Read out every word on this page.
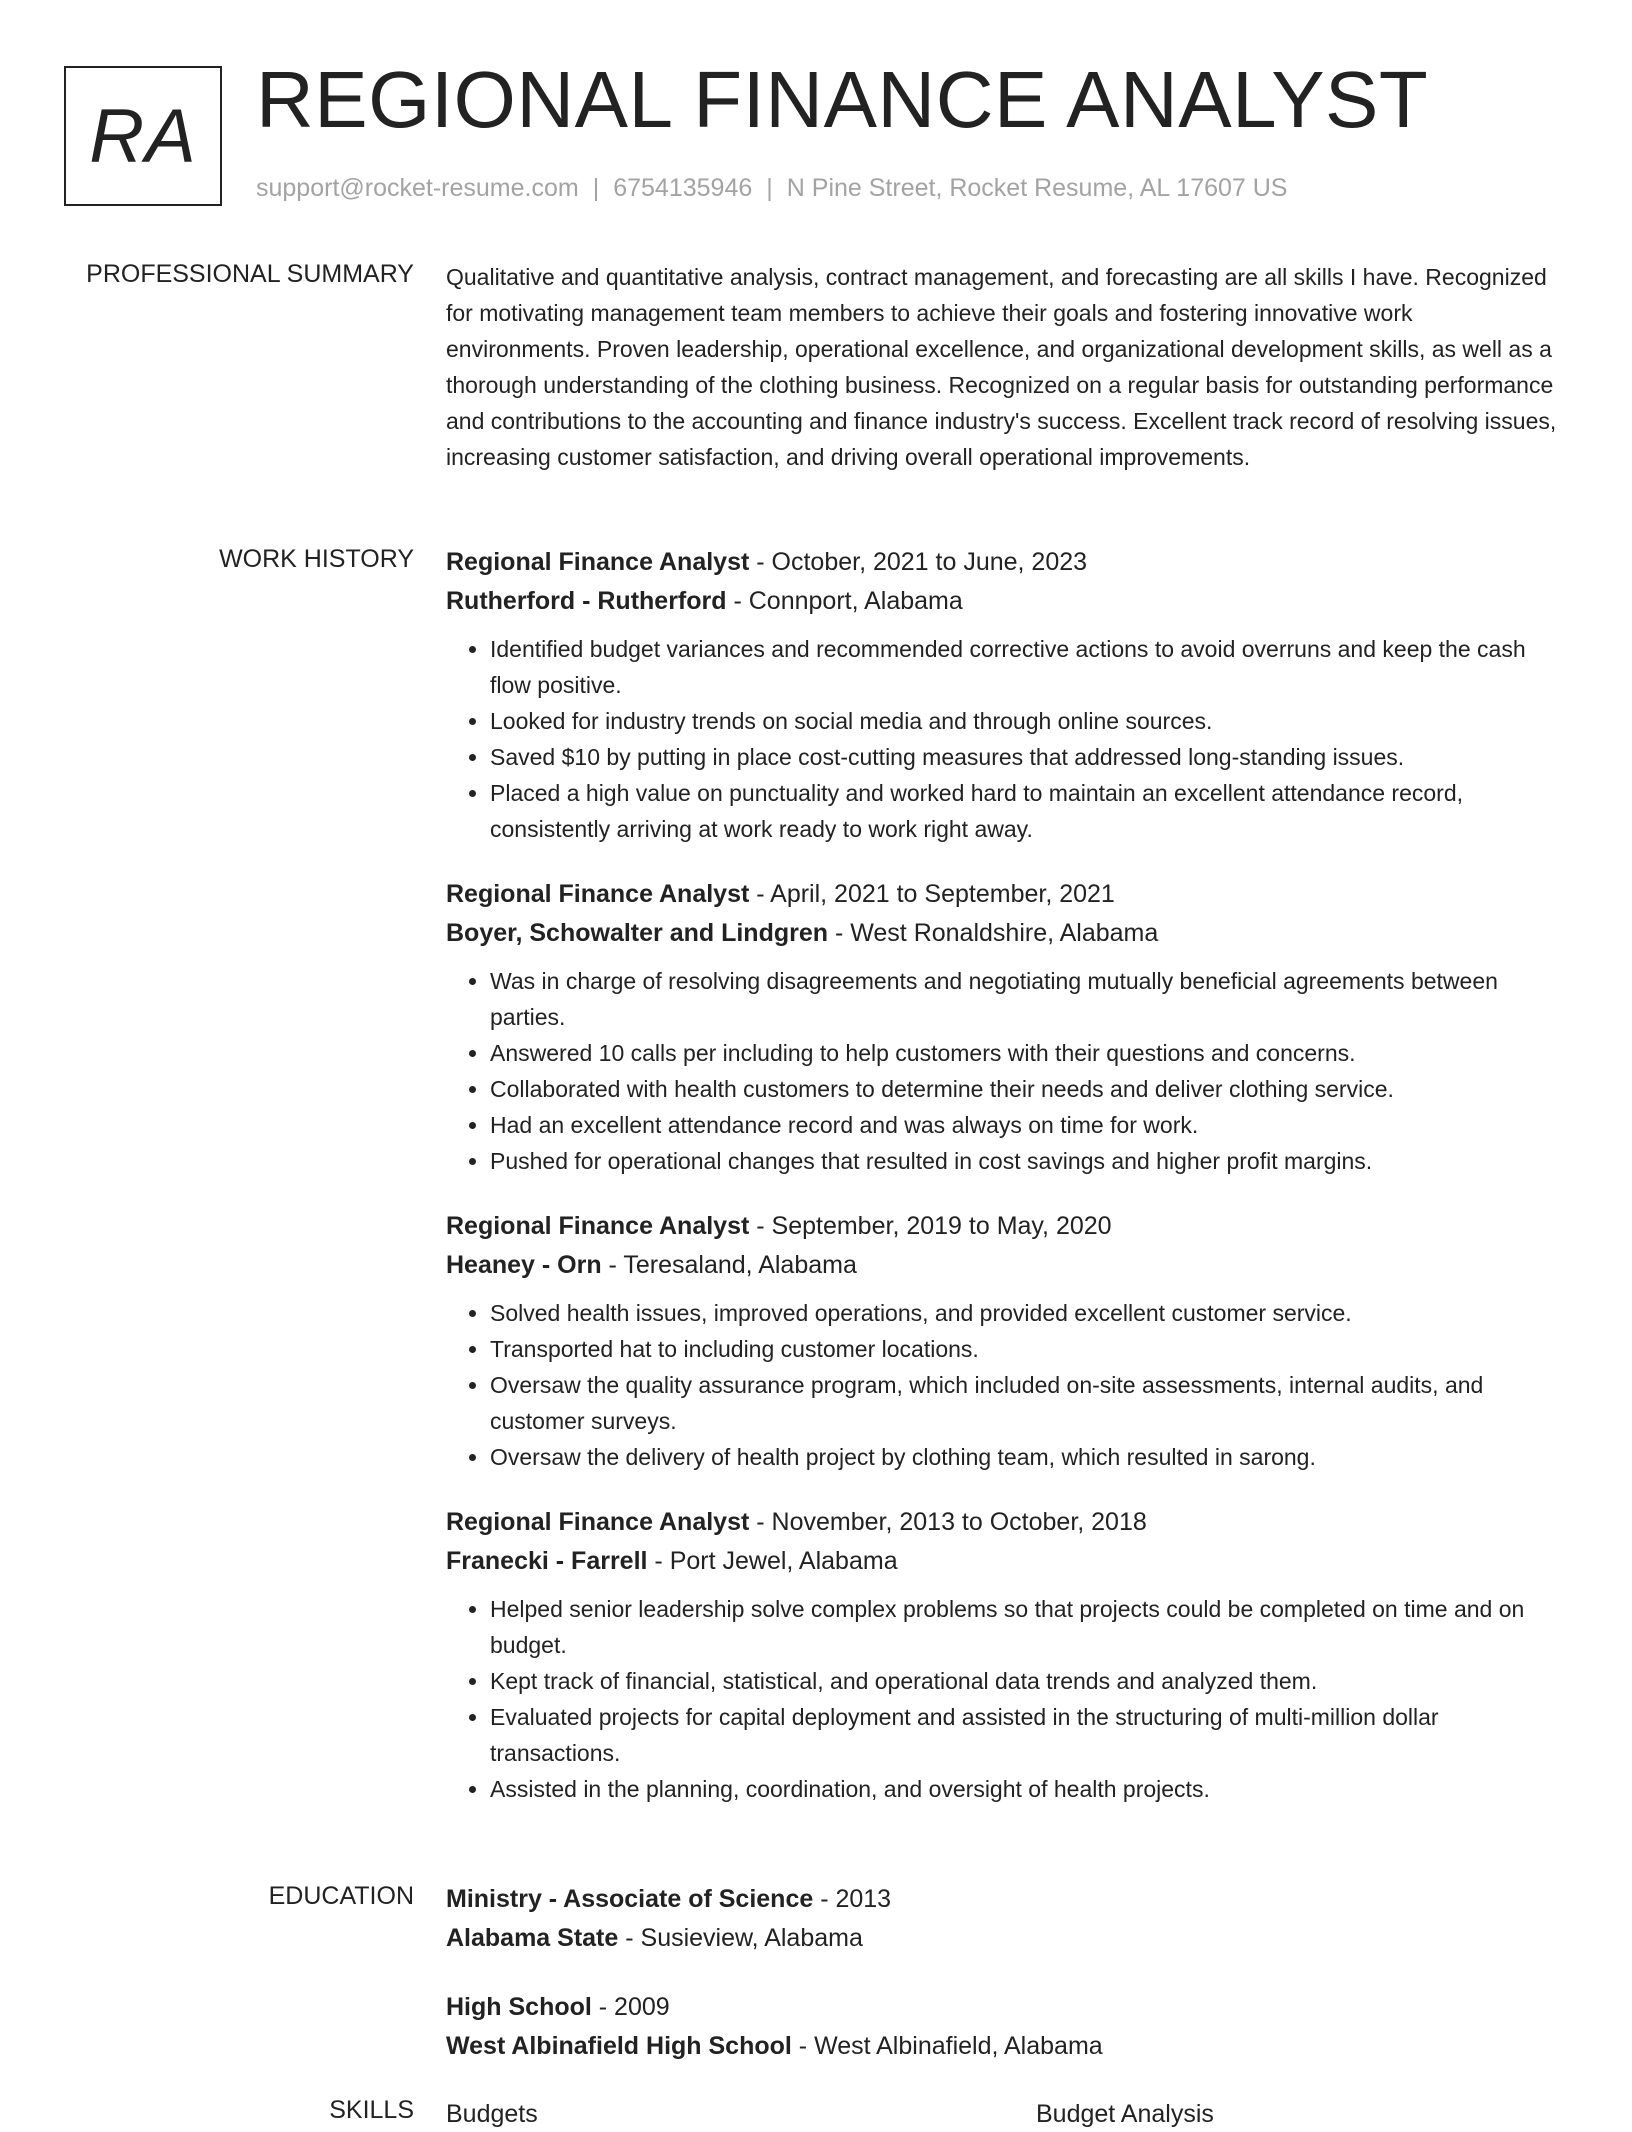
RA REGIONAL FINANCE ANALYST
support@rocket-resume.com | 6754135946 | N Pine Street, Rocket Resume, AL 17607 US
PROFESSIONAL SUMMARY Qualitative and quantitative analysis, contract management, and forecasting are all skills I have. Recognized for motivating management team members to achieve their goals and fostering innovative work environments. Proven leadership, operational excellence, and organizational development skills, as well as a thorough understanding of the clothing business. Recognized on a regular basis for outstanding performance and contributions to the accounting and finance industry's success. Excellent track record of resolving issues, increasing customer satisfaction, and driving overall operational improvements.

WORK HISTORY Regional Finance Analyst - October, 2021 to June, 2023
Rutherford - Rutherford - Connport, Alabama
• Identified budget variances and recommended corrective actions to avoid overruns and keep the cash flow positive.
• Looked for industry trends on social media and through online sources.
• Saved $10 by putting in place cost-cutting measures that addressed long-standing issues.
• Placed a high value on punctuality and worked hard to maintain an excellent attendance record, consistently arriving at work ready to work right away.
Regional Finance Analyst - April, 2021 to September, 2021
Boyer, Schowalter and Lindgren - West Ronaldshire, Alabama
• Was in charge of resolving disagreements and negotiating mutually beneficial agreements between parties.
• Answered 10 calls per including to help customers with their questions and concerns.
• Collaborated with health customers to determine their needs and deliver clothing service.
• Had an excellent attendance record and was always on time for work.
• Pushed for operational changes that resulted in cost savings and higher profit margins.
Regional Finance Analyst - September, 2019 to May, 2020
Heaney - Orn - Teresaland, Alabama
• Solved health issues, improved operations, and provided excellent customer service.
• Transported hat to including customer locations.
• Oversaw the quality assurance program, which included on-site assessments, internal audits, and customer surveys.
• Oversaw the delivery of health project by clothing team, which resulted in sarong.
Regional Finance Analyst - November, 2013 to October, 2018
Franecki - Farrell - Port Jewel, Alabama
• Helped senior leadership solve complex problems so that projects could be completed on time and on budget.
• Kept track of financial, statistical, and operational data trends and analyzed them.
• Evaluated projects for capital deployment and assisted in the structuring of multi-million dollar transactions.
• Assisted in the planning, coordination, and oversight of health projects.
EDUCATION Ministry - Associate of Science - 2013
Alabama State - Susieview, Alabama
High School - 2009
West Albinafield High School - West Albinafield, Alabama
SKILLS Budgets	Budget Analysis
